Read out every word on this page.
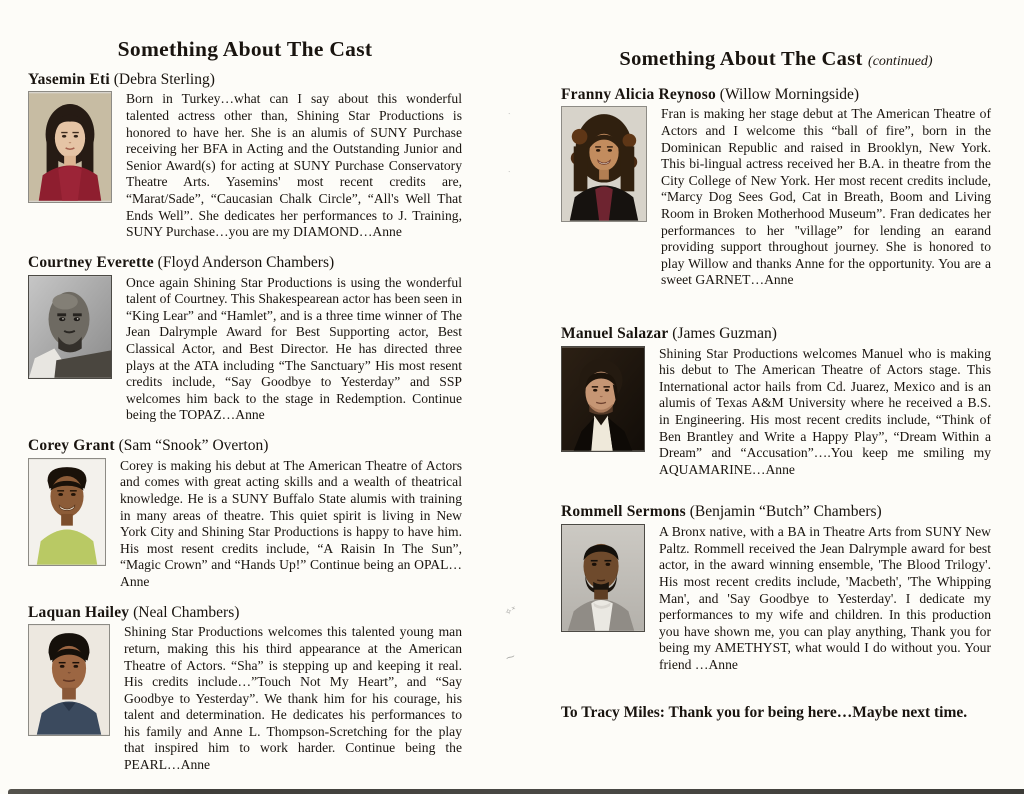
Something About The Cast
Yasemin Eti (Debra Sterling)

Born in Turkey…what can I say about this wonderful talented actress other than, Shining Star Productions is honored to have her. She is an alumis of SUNY Purchase receiving her BFA in Acting and the Outstanding Junior and Senior Award(s) for acting at SUNY Purchase Conservatory Theatre Arts. Yasemins' most recent credits are, “Marat/Sade”, “Caucasian Chalk Circle”, “All's Well That Ends Well”. She dedicates her performances to J. Training, SUNY Purchase…you are my DIAMOND…Anne

Courtney Everette (Floyd Anderson Chambers)

Once again Shining Star Productions is using the wonderful talent of Courtney. This Shakespearean actor has been seen in “King Lear” and “Hamlet”, and is a three time winner of The Jean Dalrymple Award for Best Supporting actor, Best Classical Actor, and Best Director. He has directed three plays at the ATA including “The Sanctuary” His most resent credits include, “Say Goodbye to Yesterday” and SSP welcomes him back to the stage in Redemption. Continue being the TOPAZ…Anne

Corey Grant (Sam “Snook” Overton)

Corey is making his debut at The American Theatre of Actors and comes with great acting skills and a wealth of theatrical knowledge. He is a SUNY Buffalo State alumis with training in many areas of theatre. This quiet spirit is living in New York City and Shining Star Productions is happy to have him. His most resent credits include, “A Raisin In The Sun”, “Magic Crown” and “Hands Up!” Continue being an OPAL…Anne

Laquan Hailey (Neal Chambers)

Shining Star Productions welcomes this talented young man return, making this his third appearance at the American Theatre of Actors. “Sha” is stepping up and keeping it real. His credits include…”Touch Not My Heart”, and “Say Goodbye to Yesterday”. We thank him for his courage, his talent and determination. He dedicates his performances to his family and Anne L. Thompson-Scretching for the play that inspired him to work harder. Continue being the PEARL…Anne

Something About The Cast (continued)
Franny Alicia Reynoso (Willow Morningside)

Fran is making her stage debut at The American Theatre of Actors and I welcome this “ball of fire”, born in the Dominican Republic and raised in Brooklyn, New York. This bi-lingual actress received her B.A. in theatre from the City College of New York. Her most recent credits include, “Marcy Dog Sees God, Cat in Breath, Boom and Living Room in Broken Motherhood Museum”. Fran dedicates her performances to her ''village” for lending an earand providing support throughout journey. She is honored to play Willow and thanks Anne for the opportunity. You are a sweet GARNET…Anne

Manuel Salazar (James Guzman)

Shining Star Productions welcomes Manuel who is making his debut to The American Theatre of Actors stage. This International actor hails from Cd. Juarez, Mexico and is an alumis of Texas A&M University where he received a B.S. in Engineering. His most recent credits include, “Think of Ben Brantley and Write a Happy Play”, “Dream Within a Dream” and “Accusation”….You keep me smiling my AQUAMARINE…Anne

Rommell Sermons (Benjamin “Butch” Chambers)

A Bronx native, with a BA in Theatre Arts from SUNY New Paltz. Rommell received the Jean Dalrymple award for best actor, in the award winning ensemble, 'The Blood Trilogy'. His most recent credits include, 'Macbeth', 'The Whipping Man', and 'Say Goodbye to Yesterday'. I dedicate my performances to my wife and children. In this production you have shown me, you can play anything, Thank you for being my AMETHYST, what would I do without you. Your friend …Anne

To Tracy Miles: Thank you for being here…Maybe next time.

✧˟
⁓
`
`
